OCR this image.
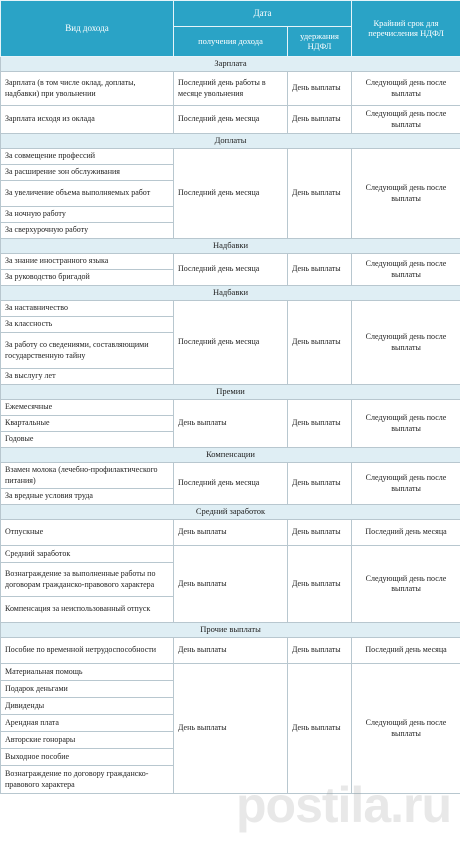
Вид дохода	Дата		Крайний срок для перечисления НДФЛ
	получения дохода	удержания НДФЛ	
Зарплата			
Зарплата (в том числе оклад, доплаты, надбавки) при увольнении	Последний день работы в месяце увольнения	День выплаты	Следующий день после выплаты
Зарплата исходя из оклада	Последний день месяца	День выплаты	Следующий день после выплаты
Доплаты			
За совмещение профессий	Последний день месяца	День выплаты	Следующий день после выплаты
За расширение зон обслуживания			
За увеличение объема выполняемых работ			
За ночную работу			
За сверхурочную работу			
Надбавки			
За знание иностранного языка	Последний день месяца	День выплаты	Следующий день после выплаты
За руководство бригадой			
Надбавки			
За наставничество	Последний день месяца	День выплаты	Следующий день после выплаты
За классность			
За работу со сведениями, составляющими государственную тайну			
За выслугу лет			
Премии			
Ежемесячные	День выплаты	День выплаты	Следующий день после выплаты
Квартальные			
Годовые			
Компенсации			
Взамен молока (лечебно-профилактического питания)	Последний день месяца	День выплаты	Следующий день после выплаты
За вредные условия труда			
Средний заработок			
Отпускные	День выплаты	День выплаты	Последний день месяца
Средний заработок	День выплаты	День выплаты	Следующий день после выплаты
Вознаграждение за выполненные работы по договорам гражданско-правового характера			
Компенсация за неиспользованный отпуск			
Прочие выплаты			
Пособие по временной нетрудоспособности	День выплаты	День выплаты	Последний день месяца
Материальная помощь	День выплаты	День выплаты	Следующий день после выплаты
Подарок деньгами			
Дивиденды			
Арендная плата			
Авторские гонорары			
Выходное пособие			
Вознаграждение по договору гражданско-правового характера				postila.ru
